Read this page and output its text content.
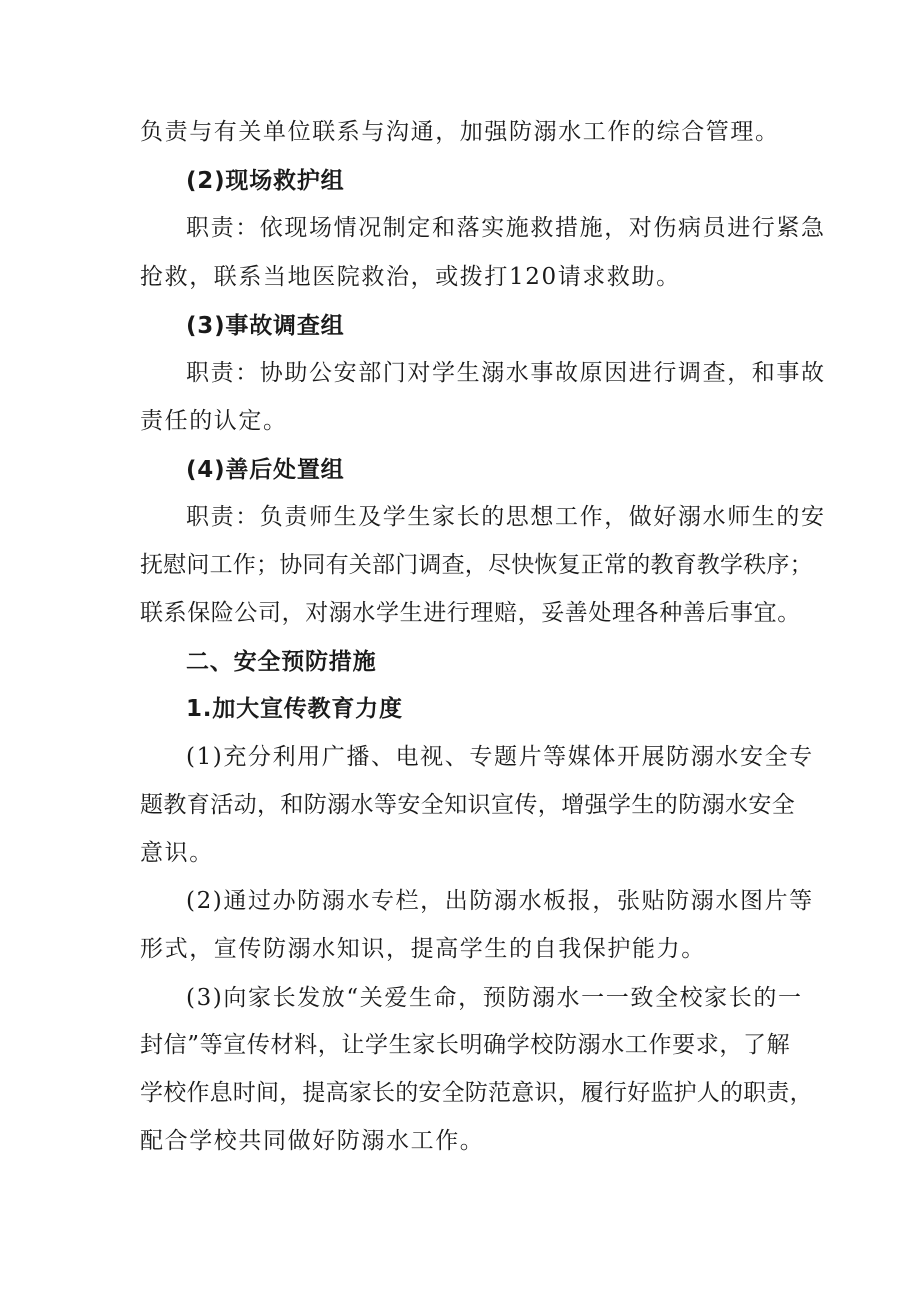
负责与有关单位联系与沟通，加强防溺水工作的综合管理。
(2)现场救护组
职责：依现场情况制定和落实施救措施，对伤病员进行紧急
抢救，联系当地医院救治，或拨打120请求救助。
(3)事故调查组
职责：协助公安部门对学生溺水事故原因进行调查，和事故
责任的认定。
(4)善后处置组
职责：负责师生及学生家长的思想工作，做好溺水师生的安
抚慰问工作；协同有关部门调查，尽快恢复正常的教育教学秩序；
联系保险公司，对溺水学生进行理赔，妥善处理各种善后事宜。
二、安全预防措施
1.加大宣传教育力度
(1)充分利用广播、电视、专题片等媒体开展防溺水安全专
题教育活动，和防溺水等安全知识宣传，增强学生的防溺水安全
意识。
(2)通过办防溺水专栏，出防溺水板报，张贴防溺水图片等
形式，宣传防溺水知识，提高学生的自我保护能力。
(3)向家长发放“关爱生命，预防溺水一一致全校家长的一
封信”等宣传材料，让学生家长明确学校防溺水工作要求，了解
学校作息时间，提高家长的安全防范意识，履行好监护人的职责，
配合学校共同做好防溺水工作。
